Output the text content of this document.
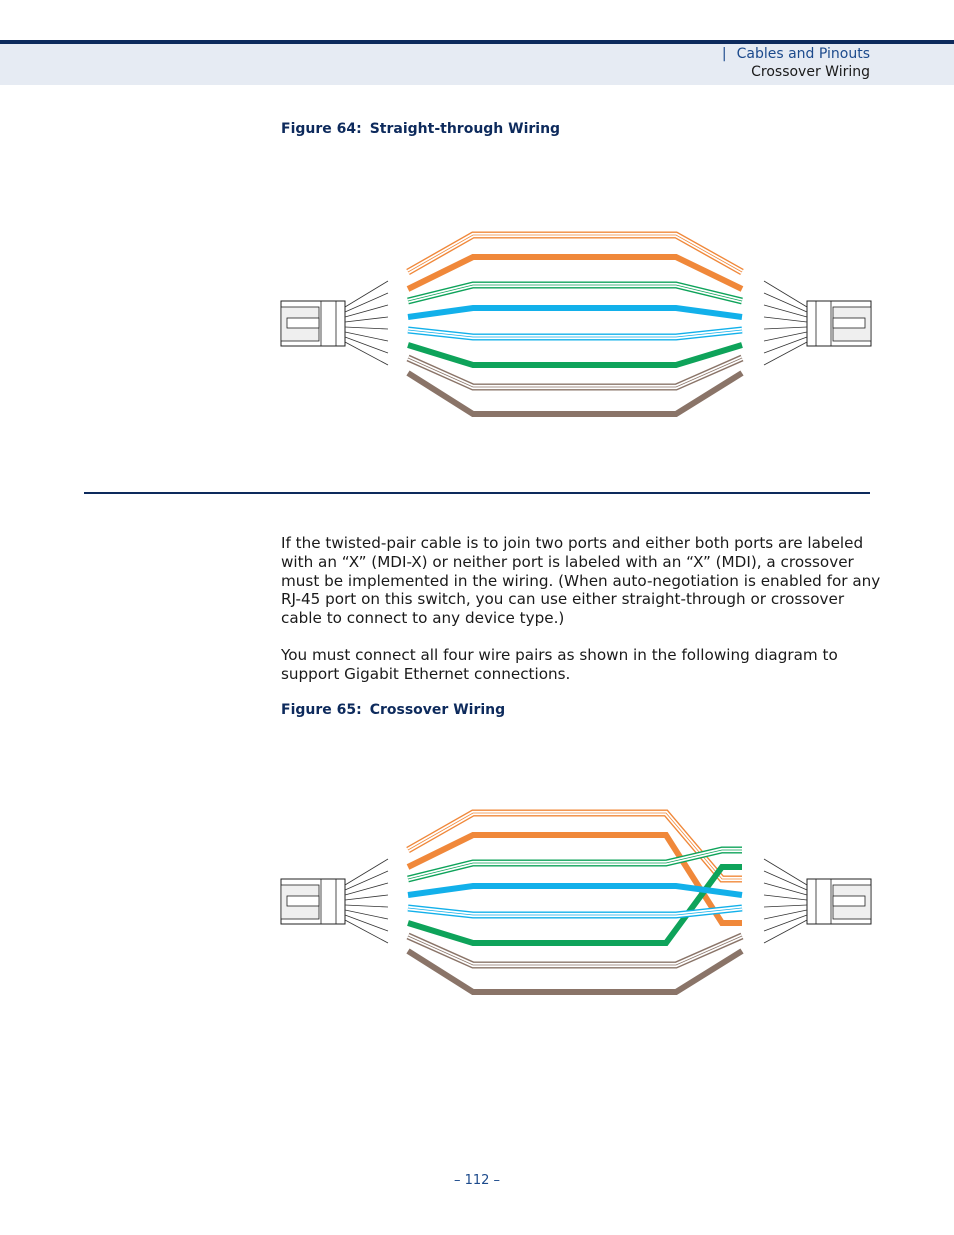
| Cables and Pinouts
Crossover Wiring
Figure 64: Straight-through Wiring

If the twisted-pair cable is to join two ports and either both ports are labeled with an “X” (MDI-X) or neither port is labeled with an “X” (MDI), a crossover must be implemented in the wiring. (When auto-negotiation is enabled for any RJ-45 port on this switch, you can use either straight-through or crossover cable to connect to any device type.)

You must connect all four wire pairs as shown in the following diagram to support Gigabit Ethernet connections.

Figure 65: Crossover Wiring
– 112 –
